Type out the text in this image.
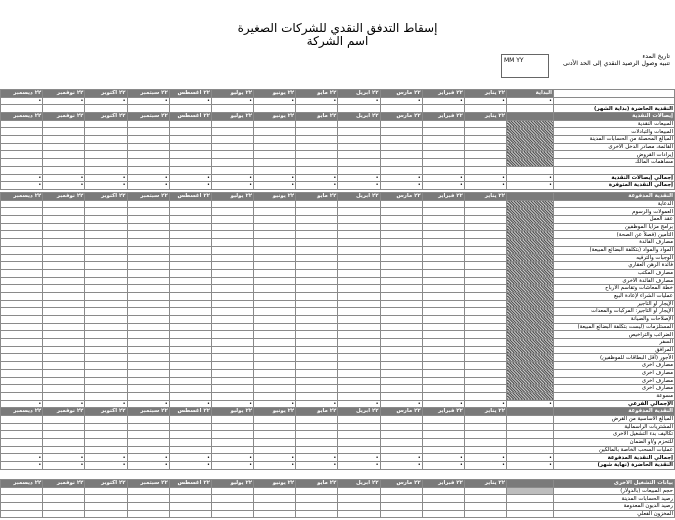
إسقاط التدفق النقدي للشركات الصغيرة
اسم الشركة
MM YY
تاريخ المدء
تنبيه وصول الرصيد النقدي إلى الحد الأدنى
	البداية	٢٢ يناير	٢٢ فبراير	٢٢ مارس	٢٢ أبريل	٢٢ مايو	٢٢ يونيو	٢٢ يوليو	٢٢ أغسطس	٢٢ سبتمبر	٢٢ أكتوبر	٢٢ نوفمبر	٢٢ ديسمبر
	•	•	•	•	•	•	•	•	•	•	•	•	•
النقدية الحاضرة (بداية الشهر)													
إيصالات النقدية		٢٢ يناير	٢٢ فبراير	٢٢ مارس	٢٢ أبريل	٢٢ مايو	٢٢ يونيو	٢٢ يوليو	٢٢ أغسطس	٢٢ سبتمبر	٢٢ أكتوبر	٢٢ نوفمبر	٢٢ ديسمبر
المبيعات النقدية													
المبيعات والتبادلات													
المبالغ المحصلة من الحسابات المدينة													
القائمة، مصادر الدخل الأخرى													
إيرادات القروض													
مساهمات المالك													

إجمالي إيصالات النقدية	•	•	•	•	•	•	•	•	•	•	•	•	•
إجمالي النقدية المتوفرة	•	•	•	•	•	•	•	•	•	•	•	•	•
النقدية المدفوعة		٢٢ يناير	٢٢ فبراير	٢٢ مارس	٢٢ أبريل	٢٢ مايو	٢٢ يونيو	٢٢ يوليو	٢٢ أغسطس	٢٢ سبتمبر	٢٢ أكتوبر	٢٢ نوفمبر	٢٢ ديسمبر
الدعاية													
العمولات والرسوم													
عقد العمل													
برامج مزايا الموظفين													
التأمين (فصلاً عن الصحة)													
مصارف الفائدة													
المواد والمواد (بتكلفة البضائع المبيعة)													
الوجبات والترفيه													
فائدة الرهن العقاري													
مصارف المكتب													
مصارف الفائدة الأخرى													
خطة المعاشات وتقاسم الأرباح													
عمليات الشراء لإعادة البيع													
الإيجار أو التأجير													
الإيجار أو التأجير: المركبات والمعدات													
الإصلاحات والصيانة													
المستلزمات (ليست بتكلفة البضائع المبيعة)													
الضرائب والتراخيص													
السفر													
المرافق													
الأجور (أقل البطاقات للموظفين)													
مصارف أخرى													
مصارف أخرى													
مصارف أخرى													
مصارف أخرى													
مسوعة													
الإجمالي الفرعي	•	•	•	•	•	•	•	•	•	•	•	•	•
النقدية المدفوعة		٢٢ يناير	٢٢ فبراير	٢٢ مارس	٢٢ أبريل	٢٢ مايو	٢٢ يونيو	٢٢ يوليو	٢٢ أغسطس	٢٢ سبتمبر	٢٢ أكتوبر	٢٢ نوفمبر	٢٢ ديسمبر
المبالغ الأساسية من القرض													
المشتريات الرأسمالية													
تكاليف بدء التشغيل الأخرى													
للتحزم و/أو الضمان													
عمليات السحب الخاصة بالمالكين													
إجمالي النقدية المدفوعة	•	•	•	•	•	•	•	•	•	•	•	•	•
النقدية الحاضرة (نهاية شهر)	•	•	•	•	•	•	•	•	•	•	•	•	•
بيانات التشغيل الأخرى		٢٢ يناير	٢٢ فبراير	٢٢ مارس	٢٢ أبريل	٢٢ مايو	٢٢ يونيو	٢٢ يوليو	٢٢ أغسطس	٢٢ سبتمبر	٢٢ أكتوبر	٢٢ نوفمبر	٢٢ ديسمبر
حجم المبيعات (بالدولار)													
رصيد الحسابات المدينة													
رصيد الديون المعدومة													
المخزون الفعلي													
